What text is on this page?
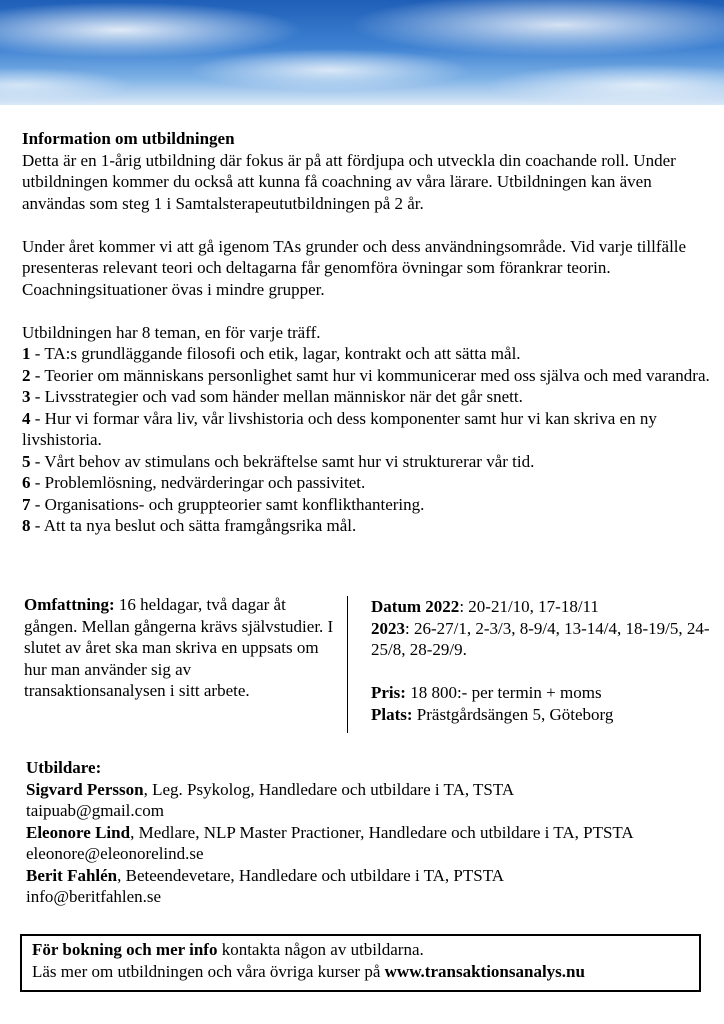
Information om utbildningen

Detta är en 1-årig utbildning där fokus är på att fördjupa och utveckla din coachande roll. Under utbildningen kommer du också att kunna få coachning av våra lärare. Utbildningen kan även användas som steg 1 i Samtalsterapeututbildningen på 2 år.

Under året kommer vi att gå igenom TAs grunder och dess användningsområde. Vid varje tillfälle presenteras relevant teori och deltagarna får genomföra övningar som förankrar teorin. Coachningsituationer övas i mindre grupper.

Utbildningen har 8 teman, en för varje träff.

1 - TA:s grundläggande filosofi och etik, lagar, kontrakt och att sätta mål.

2 - Teorier om människans personlighet samt hur vi kommunicerar med oss själva och med varandra.

3 - Livsstrategier och vad som händer mellan människor när det går snett.

4 - Hur vi formar våra liv, vår livshistoria och dess komponenter samt hur vi kan skriva en ny livshistoria.

5 - Vårt behov av stimulans och bekräftelse samt hur vi strukturerar vår tid.

6 - Problemlösning, nedvärderingar och passivitet.

7 - Organisations- och gruppteorier samt konflikthantering.

8 - Att ta nya beslut och sätta framgångsrika mål.

Omfattning: 16 heldagar, två dagar åt gången. Mellan gångerna krävs självstudier. I slutet av året ska man skriva en uppsats om hur man använder sig av transaktionsanalysen i sitt arbete.

Datum 2022: 20-21/10, 17-18/11

2023: 26-27/1, 2-3/3, 8-9/4, 13-14/4, 18-19/5, 24-25/8, 28-29/9.

Pris: 18 800:- per termin + moms

Plats: Prästgårdsängen 5, Göteborg

Utbildare:

Sigvard Persson, Leg. Psykolog, Handledare och utbildare i TA, TSTA

taipuab@gmail.com

Eleonore Lind, Medlare, NLP Master Practioner, Handledare och utbildare i TA, PTSTA eleonore@eleonorelind.se

Berit Fahlén, Beteendevetare, Handledare och utbildare i TA, PTSTA

info@beritfahlen.se

För bokning och mer info kontakta någon av utbildarna.

Läs mer om utbildningen och våra övriga kurser på www.transaktionsanalys.nu
